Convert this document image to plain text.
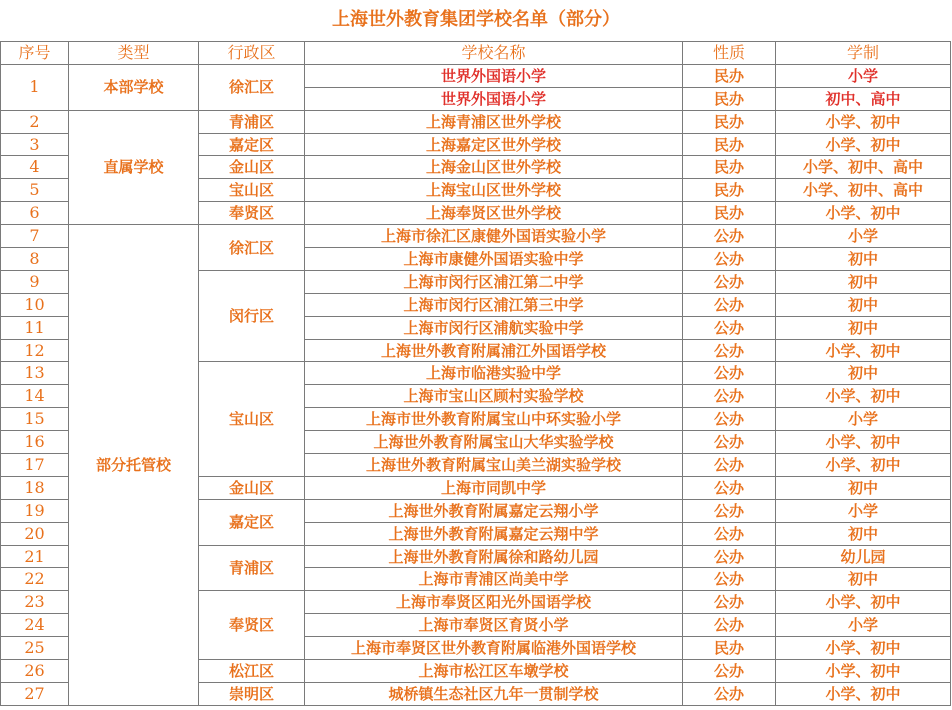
上海世外教育集团学校名单（部分）
序号	类型	行政区	学校名称	性质	学制
1	本部学校	徐汇区	世界外国语小学	民办	小学
			世界外国语小学	民办	初中、高中
2	直属学校	青浦区	上海青浦区世外学校	民办	小学、初中
3		嘉定区	上海嘉定区世外学校	民办	小学、初中
4		金山区	上海金山区世外学校	民办	小学、初中、高中
5		宝山区	上海宝山区世外学校	民办	小学、初中、高中
6		奉贤区	上海奉贤区世外学校	民办	小学、初中
7	部分托管校	徐汇区	上海市徐汇区康健外国语实验小学	公办	小学
8			上海市康健外国语实验中学	公办	初中
9		闵行区	上海市闵行区浦江第二中学	公办	初中
10			上海市闵行区浦江第三中学	公办	初中
11			上海市闵行区浦航实验中学	公办	初中
12			上海世外教育附属浦江外国语学校	公办	小学、初中
13		宝山区	上海市临港实验中学	公办	初中
14			上海市宝山区顾村实验学校	公办	小学、初中
15			上海市世外教育附属宝山中环实验小学	公办	小学
16			上海世外教育附属宝山大华实验学校	公办	小学、初中
17			上海世外教育附属宝山美兰湖实验学校	公办	小学、初中
18		金山区	上海市同凯中学	公办	初中
19		嘉定区	上海世外教育附属嘉定云翔小学	公办	小学
20			上海世外教育附属嘉定云翔中学	公办	初中
21		青浦区	上海世外教育附属徐和路幼儿园	公办	幼儿园
22			上海市青浦区尚美中学	公办	初中
23		奉贤区	上海市奉贤区阳光外国语学校	公办	小学、初中
24			上海市奉贤区育贤小学	公办	小学
25			上海市奉贤区世外教育附属临港外国语学校	民办	小学、初中
26		松江区	上海市松江区车墩学校	公办	小学、初中
27		崇明区	城桥镇生态社区九年一贯制学校	公办	小学、初中
